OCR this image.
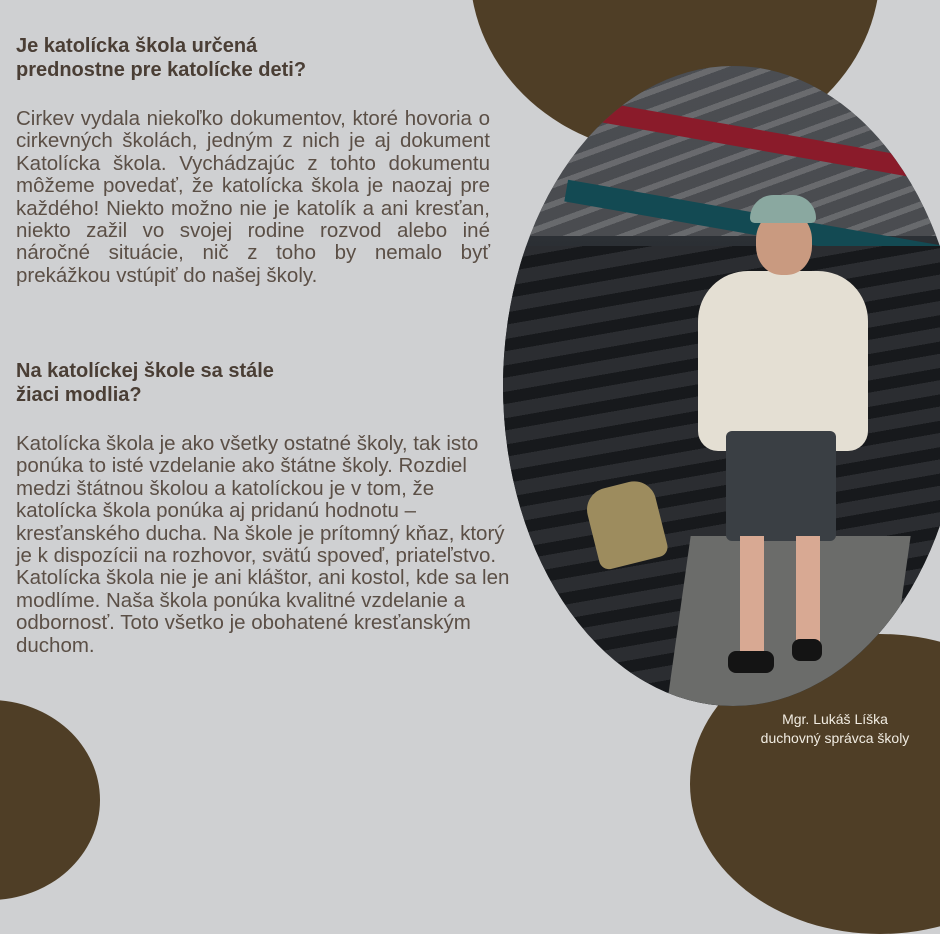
Je katolícka škola určená
prednostne pre katolícke deti?

Cirkev vydala niekoľko dokumentov, ktoré hovoria o cirkevných školách, jedným z nich je aj dokument Katolícka škola. Vychádzajúc z tohto dokumentu môžeme povedať, že katolícka škola je naozaj pre každého! Niekto možno nie je katolík a ani kresťan, niekto zažil vo svojej rodine rozvod alebo iné náročné situácie, nič z toho by nemalo byť prekážkou vstúpiť do našej školy.

Na katolíckej škole sa stále
žiaci modlia?

Katolícka škola je ako všetky ostatné školy, tak isto ponúka to isté vzdelanie ako štátne školy. Rozdiel medzi štátnou školou a katolíckou je v tom, že katolícka škola ponúka aj pridanú hodnotu – kresťanského ducha. Na škole je prítomný kňaz, ktorý je k dispozícii na rozhovor, svätú spoveď, priateľstvo. Katolícka škola nie je ani kláštor, ani kostol, kde sa len modlíme. Naša škola ponúka kvalitné vzdelanie a odbornosť. Toto všetko je obohatené kresťanským duchom.

Mgr. Lukáš Líška
duchovný správca školy
